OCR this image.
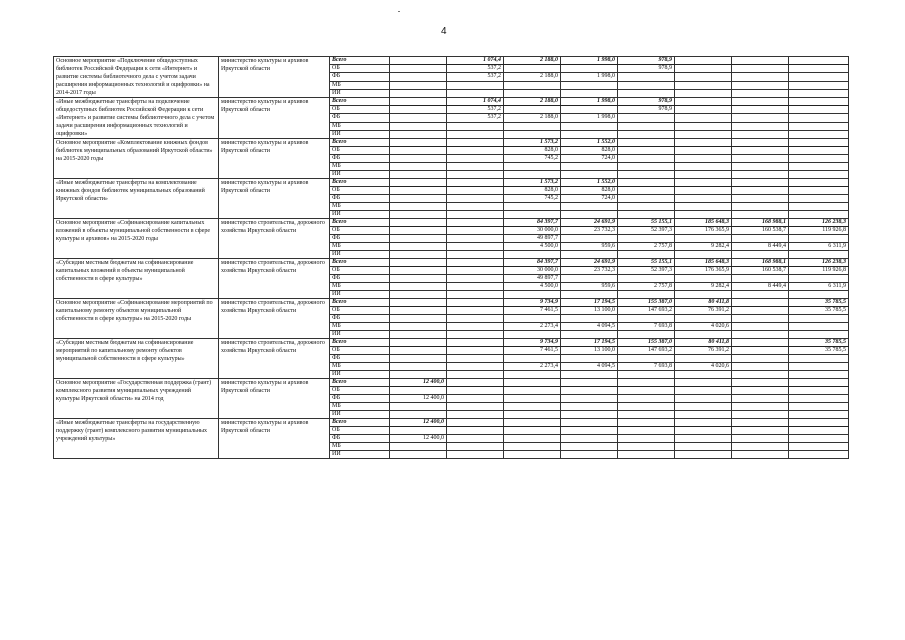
4
Основное мероприятие «Подключение общедоступных библиотек Российской Федерации к сети «Интернет» и развитие системы библиотечного дела с учетом задачи расширения информационных технологий и оцифровки» на 2014-2017 годы	министерство культуры и архивов Иркутской области	Всего		1 074,4	2 188,0	1 998,0	978,9			
		ОБ		537,2			978,9			
		ФБ		537,2	2 188,0	1 998,0				
		МБ								
		ИИ								
«Иные межбюджетные трансферты на подключение общедоступных библиотек Российской Федерации к сети «Интернет» и развитие системы библиотечного дела с учетом задачи расширения информационных технологий и оцифровки»	министерство культуры и архивов Иркутской области	Всего		1 074,4	2 188,0	1 998,0	978,9			
		ОБ		537,2			978,9			
		ФБ		537,2	2 188,0	1 998,0				
		МБ								
		ИИ								
Основное мероприятие «Комплектование книжных фондов библиотек муниципальных образований Иркутской области» на 2015-2020 годы	министерство культуры и архивов Иркутской области	Всего			1 573,2	1 552,0				
		ОБ			828,0	828,0				
		ФБ			745,2	724,0				
		МБ								
		ИИ								
«Иные межбюджетные трансферты на комплектование книжных фондов библиотек муниципальных образований Иркутской области»	министерство культуры и архивов Иркутской области	Всего			1 573,2	1 552,0				
		ОБ			828,0	828,0				
		ФБ			745,2	724,0				
		МБ								
		ИИ								
Основное мероприятие «Софинансирование капитальных вложений в объекты муниципальной собственности в сфере культуры и архивов» на 2015-2020 годы	министерство строительства, дорожного хозяйства Иркутской области	Всего			84 397,7	24 691,9	55 155,1	185 648,3	168 988,1	126 238,3
		ОБ			30 000,0	23 732,3	52 397,3	176 365,9	160 538,7	119 926,8
		ФБ			49 897,7					
		МБ			4 500,0	959,6	2 757,8	9 282,4	8 449,4	6 311,9
		ИИ								
«Субсидии местным бюджетам на софинансирование капитальных вложений в объекты муниципальной собственности в сфере культуры»	министерство строительства, дорожного хозяйства Иркутской области	Всего			84 397,7	24 691,9	55 155,1	185 648,3	168 988,1	126 238,3
		ОБ			30 000,0	23 732,3	52 397,3	176 365,9	160 538,7	119 926,8
		ФБ			49 897,7					
		МБ			4 500,0	959,6	2 757,8	9 282,4	8 449,4	6 311,9
		ИИ								
Основное мероприятие «Софинансирование мероприятий по капитальному ремонту объектов муниципальной собственности в сфере культуры» на 2015-2020 годы	министерство строительства, дорожного хозяйства Иркутской области	Всего			9 734,9	17 194,5	155 387,0	80 411,8		35 785,5
		ОБ			7 461,5	13 100,0	147 693,2	76 391,2		35 785,5
		ФБ								
		МБ			2 273,4	4 094,5	7 693,8	4 020,6		
		ИИ								
«Субсидии местным бюджетам на софинансирование мероприятий по капитальному ремонту объектов муниципальной собственности в сфере культуры»	министерство строительства, дорожного хозяйства Иркутской области	Всего			9 734,9	17 194,5	155 387,0	80 411,8		35 785,5
		ОБ			7 461,5	13 100,0	147 693,2	76 391,2		35 785,5
		ФБ								
		МБ			2 273,4	4 094,5	7 693,8	4 020,6		
		ИИ								
Основное мероприятие «Государственная поддержка (грант) комплексного развития муниципальных учреждений культуры Иркутской области» на 2014 год	министерство культуры и архивов Иркутской области	Всего	12 400,0							
		ОБ								
		ФБ	12 400,0							
		МБ								
		ИИ								
«Иные межбюджетные трансферты на государственную поддержку (грант) комплексного развития муниципальных учреждений культуры»	министерство культуры и архивов Иркутской области	Всего	12 400,0							
		ОБ								
		ФБ	12 400,0							
		МБ								
		ИИ								
